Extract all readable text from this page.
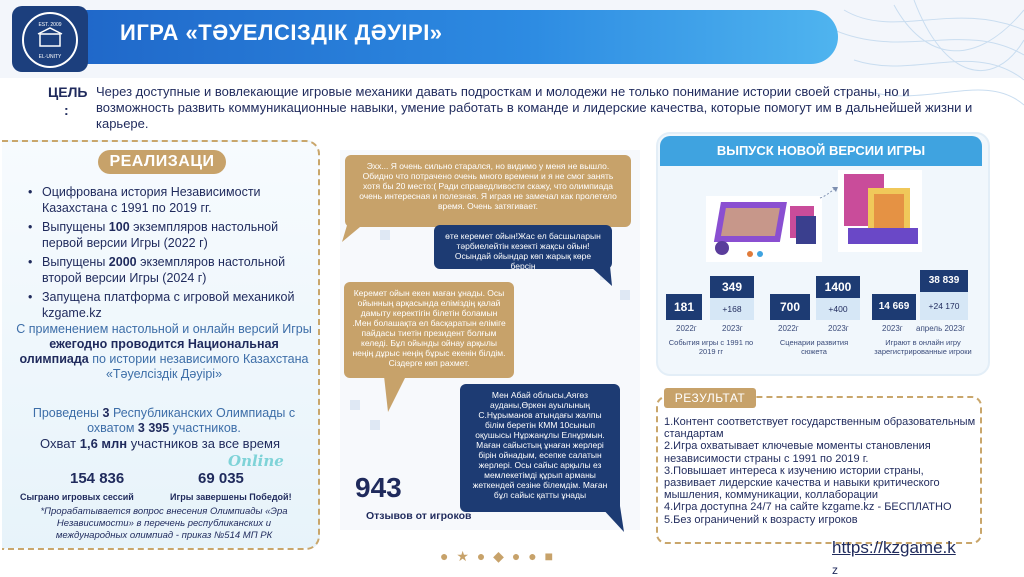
EST. 2009
EL·UNITY
ИГРА «ТӘУЕЛСІЗДІК ДӘУІРІ»
ЦЕЛЬ
:
Через доступные и вовлекающие игровые механики давать подросткам и молодежи не только понимание истории своей страны, но и возможность развить коммуникационные навыки, умение работать в команде и лидерские качества, которые помогут им в дальнейшей жизни и карьере.
РЕАЛИЗАЦИ
• Оцифрована история Независимости Казахстана с 1991 по 2019 гг.
• Выпущены 100 экземпляров настольной первой версии Игры (2022 г)
• Выпущены 2000 экземпляров настольной второй версии Игры (2024 г)
• Запущена платформа с игровой механикой kzgame.kz
С применением настольной и онлайн версий Игры ежегодно проводится Национальная олимпиада по истории независимого Казахстана «Тәуелсіздік Дәуірі»
Проведены 3 Республиканских Олимпиады с охватом 3 395 участников.
Охват 1,6 млн участников за все время
Online
154 836	69 035
Сыграно игровых сессий	Игры завершены Победой!
*Прорабатывается вопрос внесения Олимпиады «Эра Независимости» в перечень республиканских и международных олимпиад - приказ №514 МП РК
Эхх... Я очень сильно старался, но видимо у меня не вышло. Обидно что потрачено очень много времени и я не смог занять хотя бы 20 место:( Ради справедливости скажу, что олимпиада очень интересная и полезная. Я играя не замечал как пролетело время. Очень затягивает.
өте керемет ойын!Жас ел басшыларын тәрбиелейтін кезекті жақсы ойын! Осындай ойындар көп жарық көре берсін
Керемет ойын екен маған ұнады. Осы ойынның арқасында еліміздің қалай дамыту керектігін білетін боламын .Мен болашақта ел басқаратын еліміге пайдасы тиетін президент болғым келеді. Бұл ойынды ойнау арқылы неңің дұрыс неңің бұрыс екенін білдім. Сіздерге көп рахмет.
Мен Абай облысы,Аягөз ауданы,Өркен ауылының С.Нұрыманов атындағы жалпы білім беретін КММ 10сынып оқушысы Нұржанұлы Елнұрмын. Маған сайыстың ұнаған жерлері бірін ойнадым, есепке салатын жерлері. Осы сайыс арқылы ез мемлекетімді құрып арманы жеткендей сезіне білемдім. Маған бұл сайыс қатты ұнады
943
Отзывов от игроков
● ★ ● ◆ ● ● ■
ВЫПУСК НОВОЙ ВЕРСИИ ИГРЫ
181
349
+168
2022г	2023г
События игры с 1991 по 2019 гг
700
1400
+400
2022г	2023г
Сценарии развития сюжета
14 669
38 839
+24 170
2023г апрель 2023г
Играют в онлайн игру зарегистрированные игроки
РЕЗУЛЬТАТ
1.Контент соответствует государственным образовательным стандартам
2.Игра охватывает ключевые моменты становления независимости страны с 1991 по 2019 г.
3.Повышает интереса к изучению истории страны, развивает лидерские качества и навыки критического мышления, коммуникации, коллаборации
4.Игра доступна 24/7 на сайте kzgame.kz - БЕСПЛАТНО
5.Без ограничений к возрасту игроков
https://kzgame.k
z
